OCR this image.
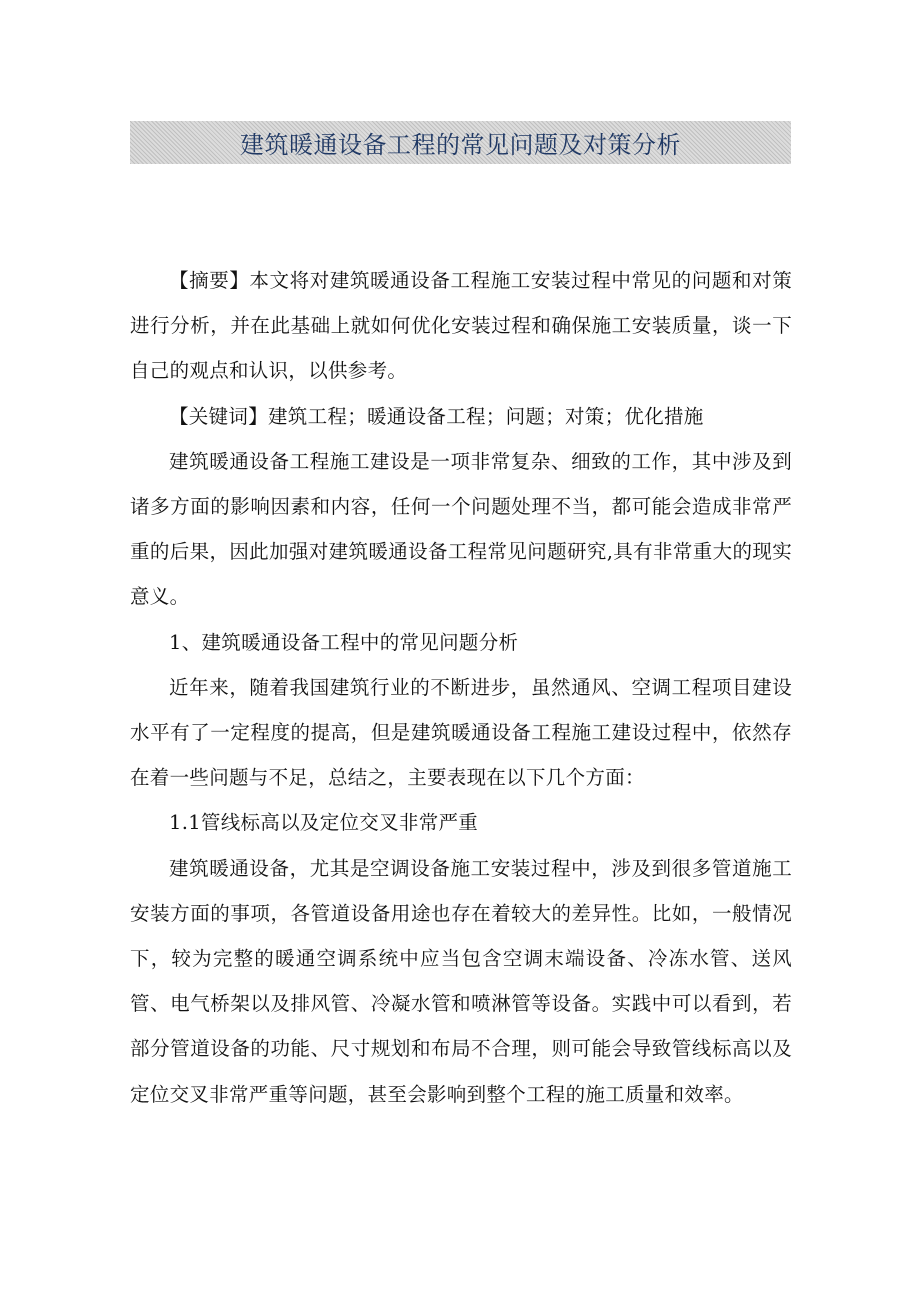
建筑暖通设备工程的常见问题及对策分析

【摘要】本文将对建筑暖通设备工程施工安装过程中常见的问题和对策进行分析，并在此基础上就如何优化安装过程和确保施工安装质量，谈一下自己的观点和认识，以供参考。

【关键词】建筑工程；暖通设备工程；问题；对策；优化措施

建筑暖通设备工程施工建设是一项非常复杂、细致的工作，其中涉及到诸多方面的影响因素和内容，任何一个问题处理不当，都可能会造成非常严重的后果，因此加强对建筑暖通设备工程常见问题研究,具有非常重大的现实意义。

1、建筑暖通设备工程中的常见问题分析

近年来，随着我国建筑行业的不断进步，虽然通风、空调工程项目建设水平有了一定程度的提高，但是建筑暖通设备工程施工建设过程中，依然存在着一些问题与不足，总结之，主要表现在以下几个方面：

1.1管线标高以及定位交叉非常严重

建筑暖通设备，尤其是空调设备施工安装过程中，涉及到很多管道施工安装方面的事项，各管道设备用途也存在着较大的差异性。比如，一般情况下，较为完整的暖通空调系统中应当包含空调末端设备、冷冻水管、送风管、电气桥架以及排风管、冷凝水管和喷淋管等设备。实践中可以看到，若部分管道设备的功能、尺寸规划和布局不合理，则可能会导致管线标高以及定位交叉非常严重等问题，甚至会影响到整个工程的施工质量和效率。
